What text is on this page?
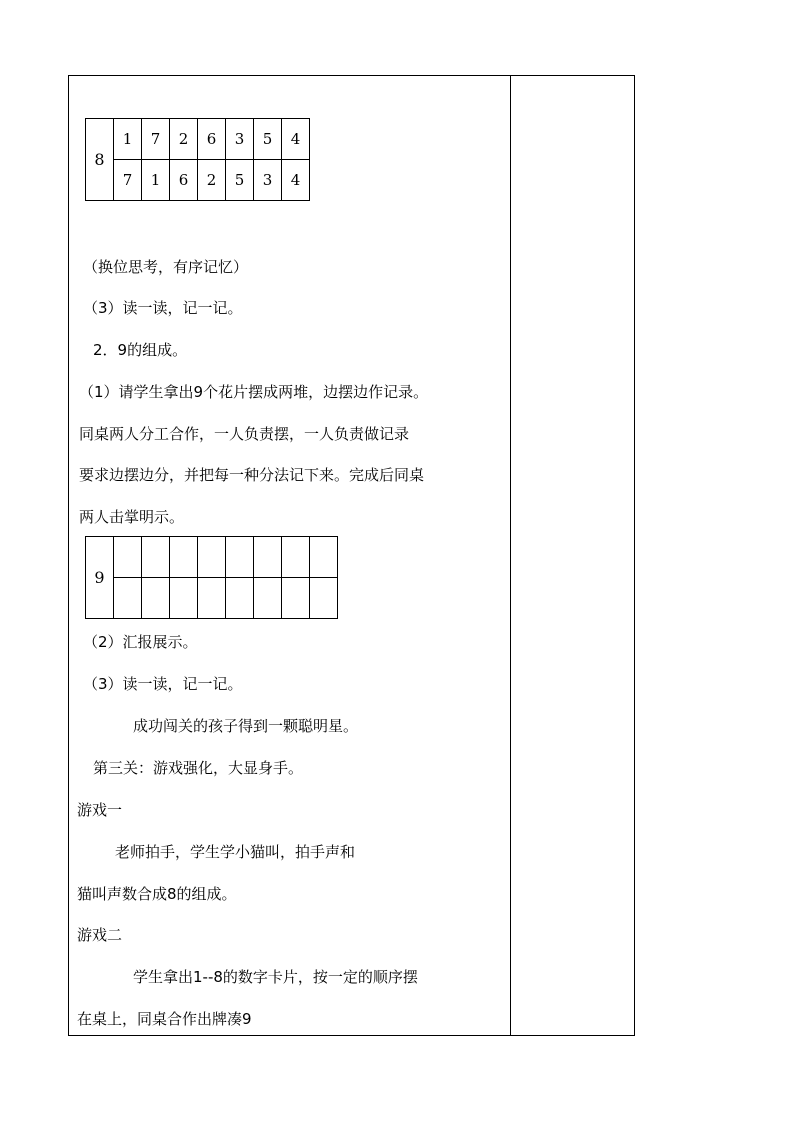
8	1	7	2	6	3	5	4
	7	1	6	2	5	3	4
（换位思考，有序记忆）
（3）读一读，记一记。
2．9的组成。
（1）请学生拿出9个花片摆成两堆，边摆边作记录。
同桌两人分工合作，一人负责摆，一人负责做记录
要求边摆边分，并把每一种分法记下来。完成后同桌
两人击掌明示。
9								

（2）汇报展示。
（3）读一读，记一记。
成功闯关的孩子得到一颗聪明星。
第三关：游戏强化，大显身手。
游戏一
老师拍手，学生学小猫叫，拍手声和
猫叫声数合成8的组成。
游戏二
学生拿出1--8的数字卡片，按一定的顺序摆
在桌上，同桌合作出牌凑9
